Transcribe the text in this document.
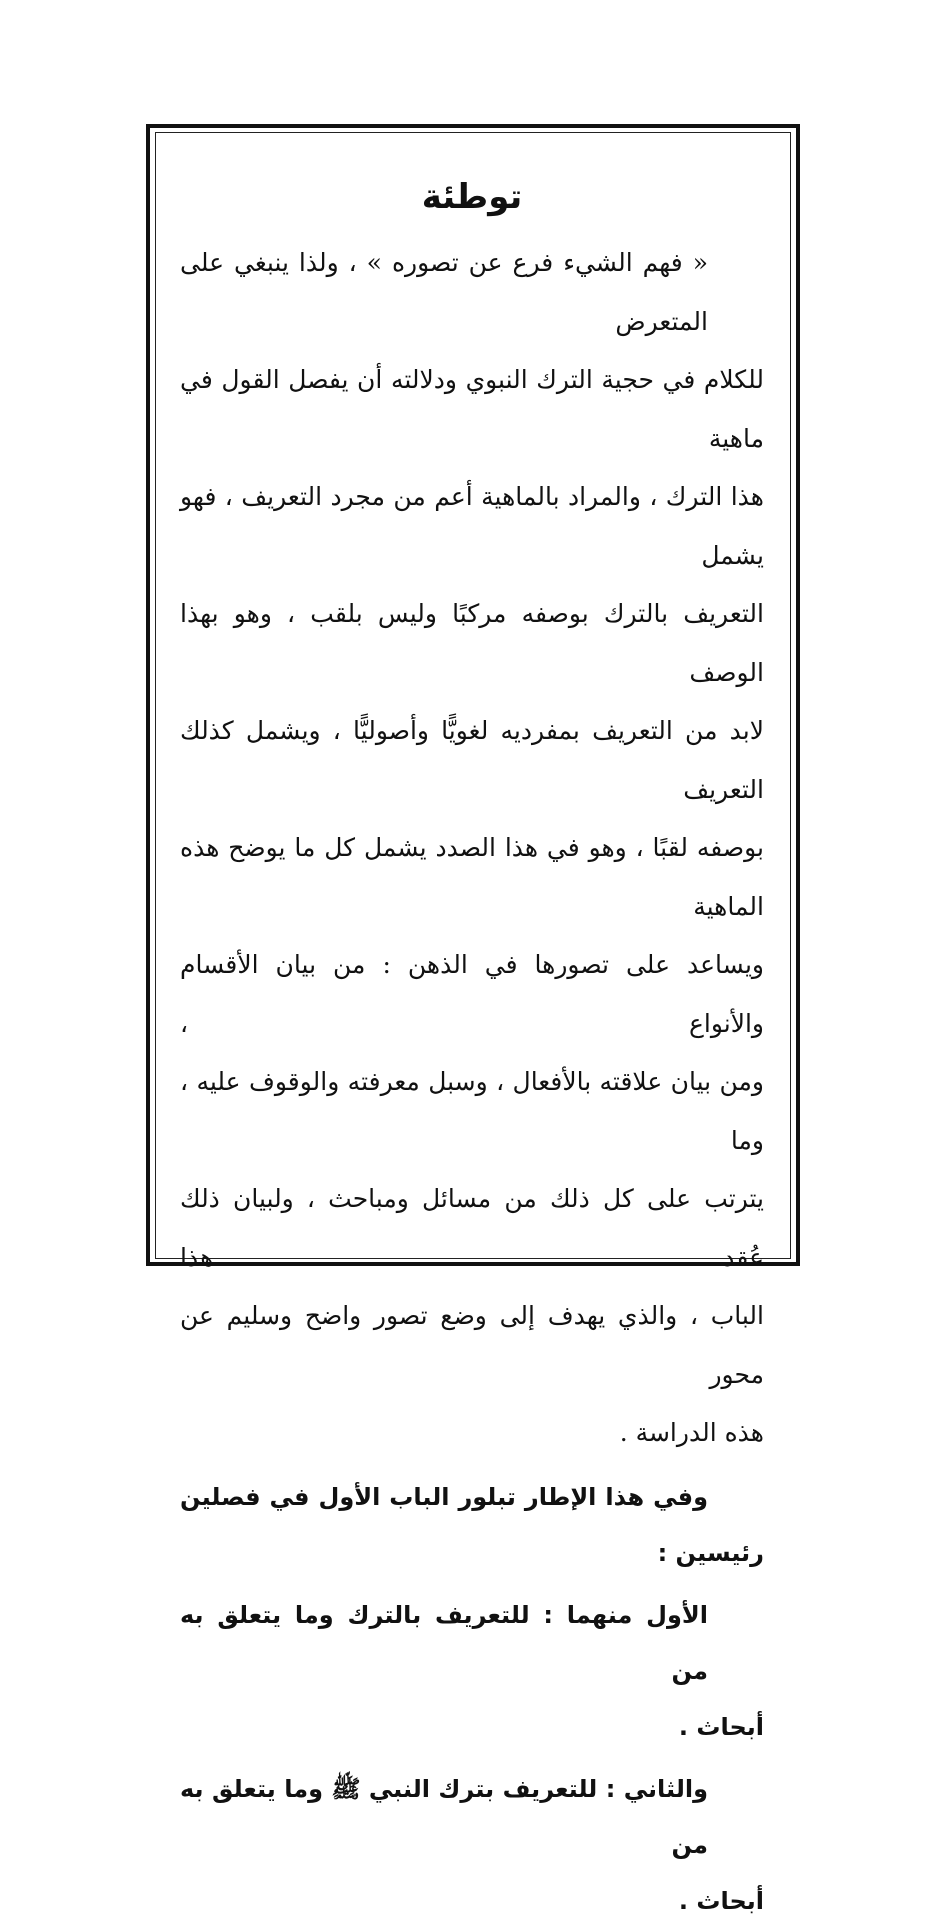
توطئة

« فهم الشيء فرع عن تصوره » ، ولذا ينبغي على المتعرض
للكلام في حجية الترك النبوي ودلالته أن يفصل القول في ماهية
هذا الترك ، والمراد بالماهية أعم من مجرد التعريف ، فهو يشمل
التعريف بالترك بوصفه مركبًا وليس بلقب ، وهو بهذا الوصف
لابد من التعريف بمفرديه لغويًّا وأصوليًّا ، ويشمل كذلك التعريف
بوصفه لقبًا ، وهو في هذا الصدد يشمل كل ما يوضح هذه الماهية
ويساعد على تصورها في الذهن : من بيان الأقسام والأنواع ،
ومن بيان علاقته بالأفعال ، وسبل معرفته والوقوف عليه ، وما
يترتب على كل ذلك من مسائل ومباحث ، ولبيان ذلك عُقد هذا
الباب ، والذي يهدف إلى وضع تصور واضح وسليم عن محور
هذه الدراسة .

وفي هذا الإطار تبلور الباب الأول في فصلين
رئيسين :

الأول منهما : للتعريف بالترك وما يتعلق به من
أبحاث .

والثاني : للتعريف بترك النبي ﷺ وما يتعلق به من
أبحاث .
